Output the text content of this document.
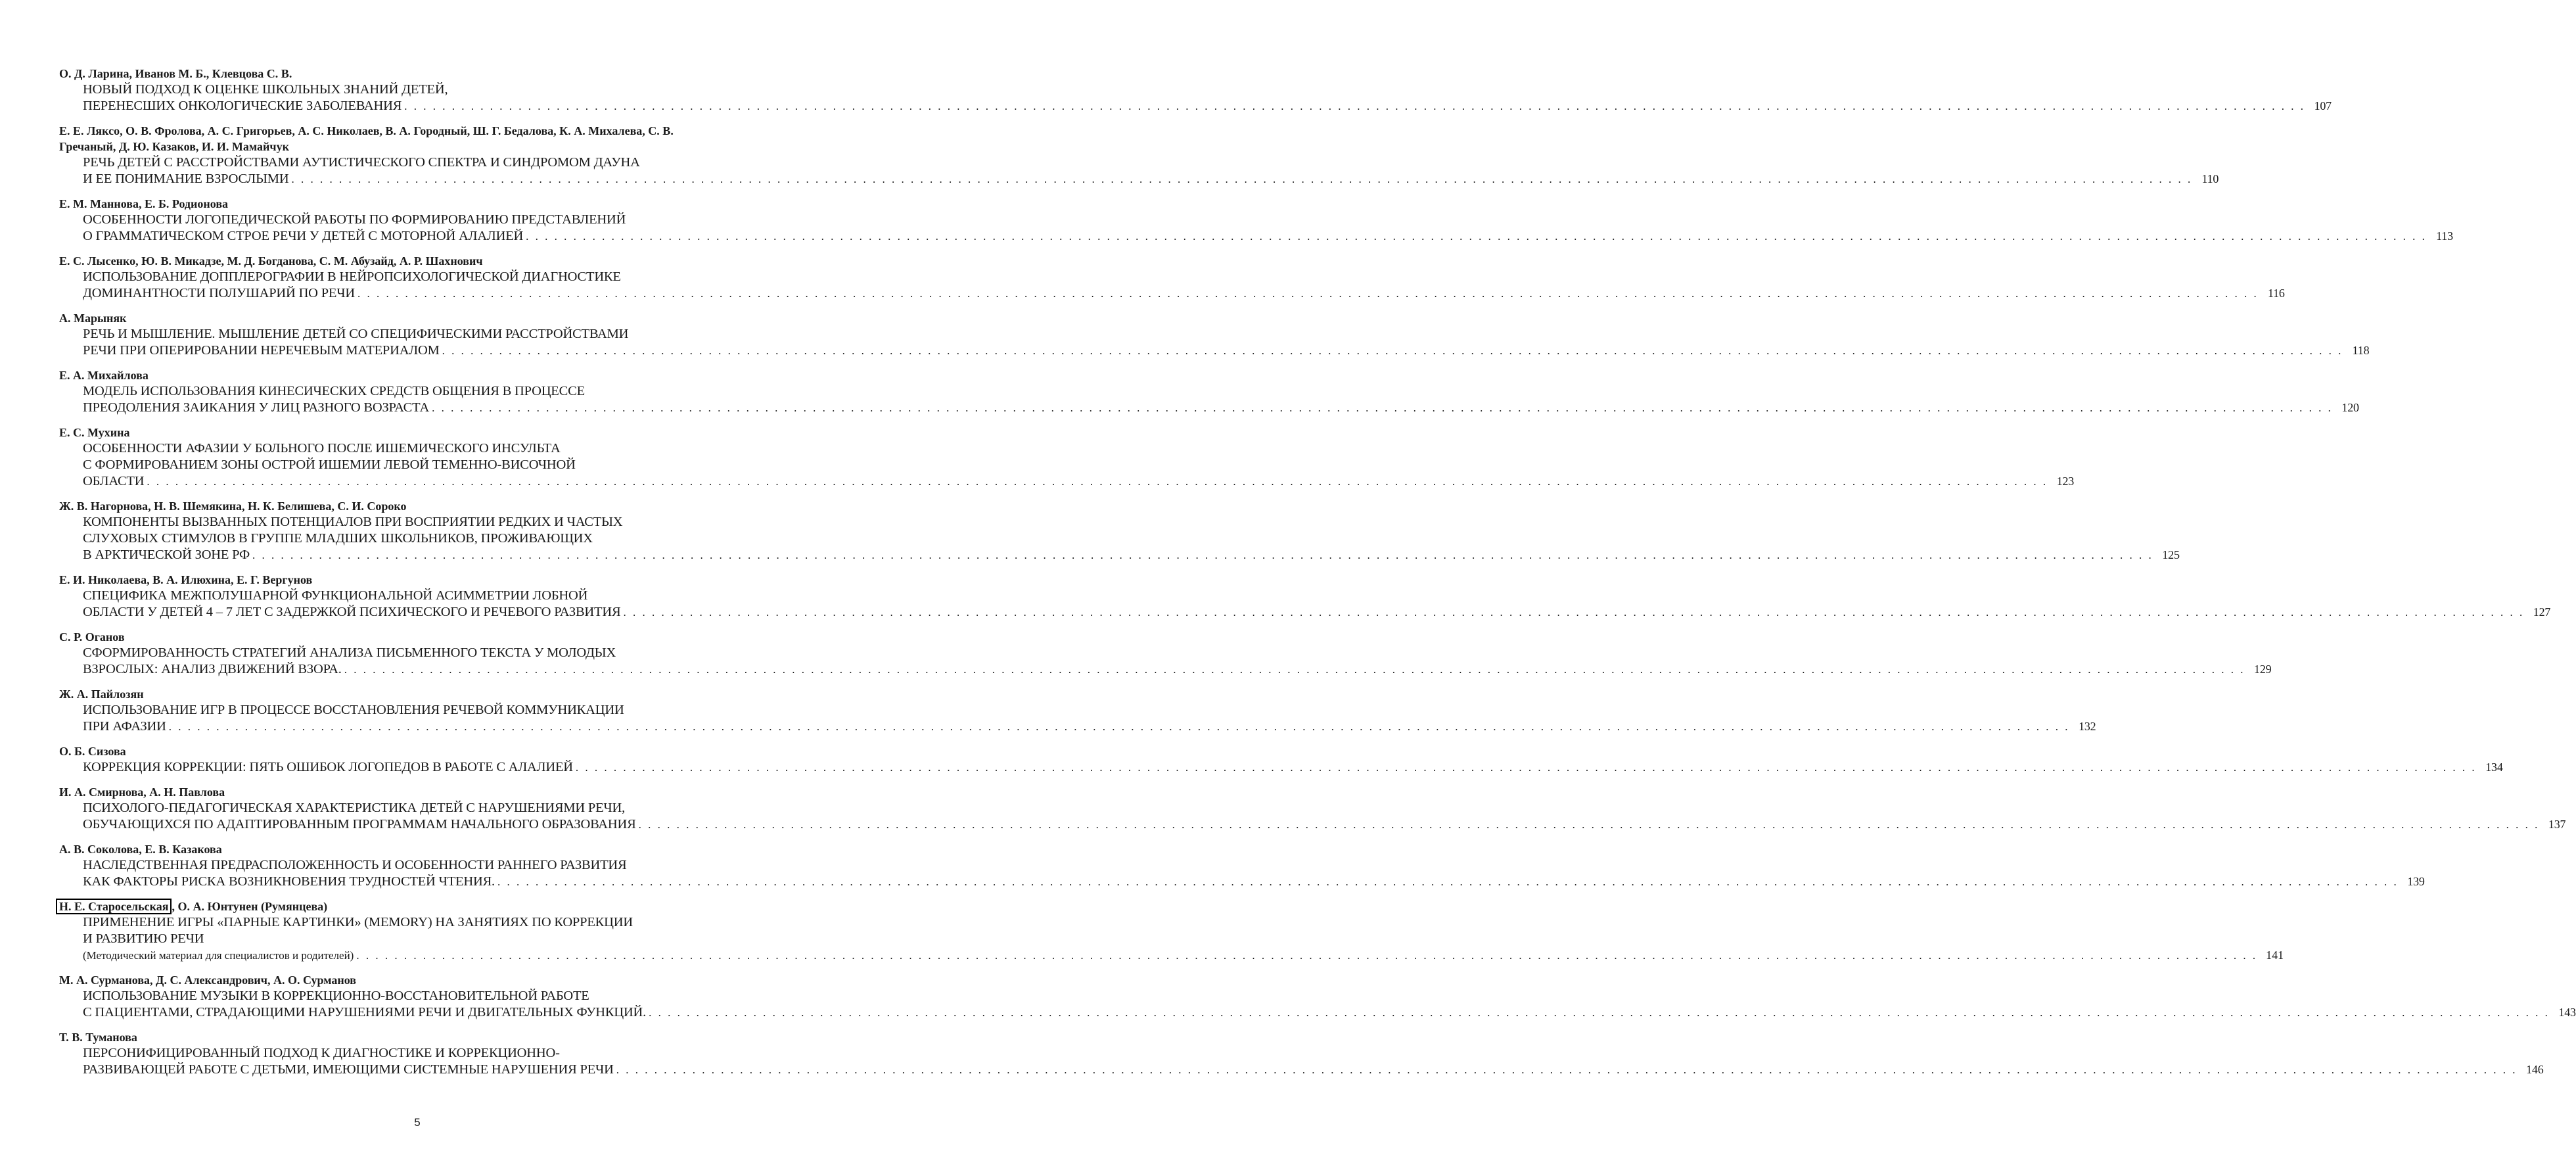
О. Д. Ларина, Иванов М. Б., Клевцова С. В.
НОВЫЙ ПОДХОД К ОЦЕНКЕ ШКОЛЬНЫХ ЗНАНИЙ ДЕТЕЙ,
ПЕРЕНЕСШИХ ОНКОЛОГИЧЕСКИЕ ЗАБОЛЕВАНИЯ . . . . . . . . . . . . . . . . . . . . . . . . . . . . . . . . . . . . . . . . . . . . . . . . . . . . . . . . . . . . . . . . . . . . . . . . . . . . . . . . . . . . . . . . . . . . . . . . . . . . . . . . . . . . . . . . . . . . . . . . . . . . . . . . . . . . . . . . . . . . . . . . . . . . . . . . . . . . . . . . . . . . . . . . . . . . . . . . . . . . . . . . . . . . . . . . . . . . . . . . 107
Е. Е. Ляксо, О. В. Фролова, А. С. Григорьев, А. С. Николаев, В. А. Городный, Ш. Г. Бедалова, К. А. Михалева, С. В. Гречаный, Д. Ю. Казаков, И. И. Мамайчук
РЕЧЬ ДЕТЕЙ С РАССТРОЙСТВАМИ АУТИСТИЧЕСКОГО СПЕКТРА И СИНДРОМОМ ДАУНА
И ЕЕ ПОНИМАНИЕ ВЗРОСЛЫМИ . . . . . . . . . . . . . . . . . . . . . . . . . . . . . . . . . . . . . . . . . . . . . . . . . . . . . . . . . . . . . . . . . . . . . . . . . . . . . . . . . . . . . . . . . . . . . . . . . . . . . . . . . . . . . . . . . . . . . . . . . . . . . . . . . . . . . . . . . . . . . . . . . . . . . . . . . . . . . . . . . . . . . . . . . . . . . . . . . . . . . . . . . . . . . . . . . . . . . . . . 110
Е. М. Маннова, Е. Б. Родионова
ОСОБЕННОСТИ ЛОГОПЕДИЧЕСКОЙ РАБОТЫ ПО ФОРМИРОВАНИЮ ПРЕДСТАВЛЕНИЙ
О ГРАММАТИЧЕСКОМ СТРОЕ РЕЧИ У ДЕТЕЙ С МОТОРНОЙ АЛАЛИЕЙ . . . . . . . . . . . . . . . . . . . . . . . . . . . . . . . . . . . . . . . . . . . . . . . . . . . . . . . . . . . . . . . . . . . . . . . . . . . . . . . . . . . . . . . . . . . . . . . . . . . . . . . . . . . . . . . . . . . . . . . . . . . . . . . . . . . . . . . . . . . . . . . . . . . . . . . . . . . . . . . . . . . . . . . . . . . . . . . . . . . . . . . . . . . . . . . . . . . . . . . . 113
Е. С. Лысенко, Ю. В. Микадзе, М. Д. Богданова, С. М. Абузайд, А. Р. Шахнович
ИСПОЛЬЗОВАНИЕ ДОППЛЕРОГРАФИИ В НЕЙРОПСИХОЛОГИЧЕСКОЙ ДИАГНОСТИКЕ
ДОМИНАНТНОСТИ ПОЛУШАРИЙ ПО РЕЧИ . . . . . . . . . . . . . . . . . . . . . . . . . . . . . . . . . . . . . . . . . . . . . . . . . . . . . . . . . . . . . . . . . . . . . . . . . . . . . . . . . . . . . . . . . . . . . . . . . . . . . . . . . . . . . . . . . . . . . . . . . . . . . . . . . . . . . . . . . . . . . . . . . . . . . . . . . . . . . . . . . . . . . . . . . . . . . . . . . . . . . . . . . . . . . . . . . . . . . . . . 116
А. Марыняк
РЕЧЬ И МЫШЛЕНИЕ. МЫШЛЕНИЕ ДЕТЕЙ СО СПЕЦИФИЧЕСКИМИ РАССТРОЙСТВАМИ
РЕЧИ ПРИ ОПЕРИРОВАНИИ НЕРЕЧЕВЫМ МАТЕРИАЛОМ . . . . . . . . . . . . . . . . . . . . . . . . . . . . . . . . . . . . . . . . . . . . . . . . . . . . . . . . . . . . . . . . . . . . . . . . . . . . . . . . . . . . . . . . . . . . . . . . . . . . . . . . . . . . . . . . . . . . . . . . . . . . . . . . . . . . . . . . . . . . . . . . . . . . . . . . . . . . . . . . . . . . . . . . . . . . . . . . . . . . . . . . . . . . . . . . . . . . . . . . 118
Е. А. Михайлова
МОДЕЛЬ ИСПОЛЬЗОВАНИЯ КИНЕСИЧЕСКИХ СРЕДСТВ ОБЩЕНИЯ В ПРОЦЕССЕ
ПРЕОДОЛЕНИЯ ЗАИКАНИЯ У ЛИЦ РАЗНОГО ВОЗРАСТА . . . . . . . . . . . . . . . . . . . . . . . . . . . . . . . . . . . . . . . . . . . . . . . . . . . . . . . . . . . . . . . . . . . . . . . . . . . . . . . . . . . . . . . . . . . . . . . . . . . . . . . . . . . . . . . . . . . . . . . . . . . . . . . . . . . . . . . . . . . . . . . . . . . . . . . . . . . . . . . . . . . . . . . . . . . . . . . . . . . . . . . . . . . . . . . . . . . . . . . . 120
Е. С. Мухина
ОСОБЕННОСТИ АФАЗИИ У БОЛЬНОГО ПОСЛЕ ИШЕМИЧЕСКОГО ИНСУЛЬТА
С ФОРМИРОВАНИЕМ ЗОНЫ ОСТРОЙ ИШЕМИИ ЛЕВОЙ ТЕМЕННО-ВИСОЧНОЙ
ОБЛАСТИ . . . . . . . . . . . . . . . . . . . . . . . . . . . . . . . . . . . . . . . . . . . . . . . . . . . . . . . . . . . . . . . . . . . . . . . . . . . . . . . . . . . . . . . . . . . . . . . . . . . . . . . . . . . . . . . . . . . . . . . . . . . . . . . . . . . . . . . . . . . . . . . . . . . . . . . . . . . . . . . . . . . . . . . . . . . . . . . . . . . . . . . . . . . . . . . . . . . . . . . . 123
Ж. В. Нагорнова, Н. В. Шемякина, Н. К. Белишева, С. И. Сороко
КОМПОНЕНТЫ ВЫЗВАННЫХ ПОТЕНЦИАЛОВ ПРИ ВОСПРИЯТИИ РЕДКИХ И ЧАСТЫХ
СЛУХОВЫХ СТИМУЛОВ В ГРУППЕ МЛАДШИХ ШКОЛЬНИКОВ, ПРОЖИВАЮЩИХ
В АРКТИЧЕСКОЙ ЗОНЕ РФ . . . . . . . . . . . . . . . . . . . . . . . . . . . . . . . . . . . . . . . . . . . . . . . . . . . . . . . . . . . . . . . . . . . . . . . . . . . . . . . . . . . . . . . . . . . . . . . . . . . . . . . . . . . . . . . . . . . . . . . . . . . . . . . . . . . . . . . . . . . . . . . . . . . . . . . . . . . . . . . . . . . . . . . . . . . . . . . . . . . . . . . . . . . . . . . . . . . . . . . . 125
Е. И. Николаева, В. А. Илюхина, Е. Г. Вергунов
СПЕЦИФИКА МЕЖПОЛУШАРНОЙ ФУНКЦИОНАЛЬНОЙ АСИММЕТРИИ ЛОБНОЙ
ОБЛАСТИ У ДЕТЕЙ 4 – 7 ЛЕТ С ЗАДЕРЖКОЙ ПСИХИЧЕСКОГО И РЕЧЕВОГО РАЗВИТИЯ . . . . . . . . . . . . . . . . . . . . . . . . . . . . . . . . . . . . . . . . . . . . . . . . . . . . . . . . . . . . . . . . . . . . . . . . . . . . . . . . . . . . . . . . . . . . . . . . . . . . . . . . . . . . . . . . . . . . . . . . . . . . . . . . . . . . . . . . . . . . . . . . . . . . . . . . . . . . . . . . . . . . . . . . . . . . . . . . . . . . . . . . . . . . . . . . . . . . . . . . 127
С. Р. Оганов
СФОРМИРОВАННОСТЬ СТРАТЕГИЙ АНАЛИЗА ПИСЬМЕННОГО ТЕКСТА У МОЛОДЫХ
ВЗРОСЛЫХ: АНАЛИЗ ДВИЖЕНИЙ ВЗОРА. . . . . . . . . . . . . . . . . . . . . . . . . . . . . . . . . . . . . . . . . . . . . . . . . . . . . . . . . . . . . . . . . . . . . . . . . . . . . . . . . . . . . . . . . . . . . . . . . . . . . . . . . . . . . . . . . . . . . . . . . . . . . . . . . . . . . . . . . . . . . . . . . . . . . . . . . . . . . . . . . . . . . . . . . . . . . . . . . . . . . . . . . . . . . . . . . . . . . . . . . 129
Ж. А. Пайлозян
ИСПОЛЬЗОВАНИЕ ИГР В ПРОЦЕССЕ ВОССТАНОВЛЕНИЯ РЕЧЕВОЙ КОММУНИКАЦИИ
ПРИ АФАЗИИ . . . . . . . . . . . . . . . . . . . . . . . . . . . . . . . . . . . . . . . . . . . . . . . . . . . . . . . . . . . . . . . . . . . . . . . . . . . . . . . . . . . . . . . . . . . . . . . . . . . . . . . . . . . . . . . . . . . . . . . . . . . . . . . . . . . . . . . . . . . . . . . . . . . . . . . . . . . . . . . . . . . . . . . . . . . . . . . . . . . . . . . . . . . . . . . . . . . . . . . . 132
О. Б. Сизова
КОРРЕКЦИЯ КОРРЕКЦИИ: ПЯТЬ ОШИБОК ЛОГОПЕДОВ В РАБОТЕ С АЛАЛИЕЙ . . . . . . . . . . . . . . . . . . . . . . . . . . . . . . . . . . . . . . . . . . . . . . . . . . . . . . . . . . . . . . . . . . . . . . . . . . . . . . . . . . . . . . . . . . . . . . . . . . . . . . . . . . . . . . . . . . . . . . . . . . . . . . . . . . . . . . . . . . . . . . . . . . . . . . . . . . . . . . . . . . . . . . . . . . . . . . . . . . . . . . . . . . . . . . . . . . . . . . . . 134
И. А. Смирнова, А. Н. Павлова
ПСИХОЛОГО-ПЕДАГОГИЧЕСКАЯ ХАРАКТЕРИСТИКА ДЕТЕЙ С НАРУШЕНИЯМИ РЕЧИ,
ОБУЧАЮЩИХСЯ ПО АДАПТИРОВАННЫМ ПРОГРАММАМ НАЧАЛЬНОГО ОБРАЗОВАНИЯ . . . . . . . . . . . . . . . . . . . . . . . . . . . . . . . . . . . . . . . . . . . . . . . . . . . . . . . . . . . . . . . . . . . . . . . . . . . . . . . . . . . . . . . . . . . . . . . . . . . . . . . . . . . . . . . . . . . . . . . . . . . . . . . . . . . . . . . . . . . . . . . . . . . . . . . . . . . . . . . . . . . . . . . . . . . . . . . . . . . . . . . . . . . . . . . . . . . . . . . . 137
А. В. Соколова, Е. В. Казакова
НАСЛЕДСТВЕННАЯ ПРЕДРАСПОЛОЖЕННОСТЬ И ОСОБЕННОСТИ РАННЕГО РАЗВИТИЯ
КАК ФАКТОРЫ РИСКА ВОЗНИКНОВЕНИЯ ТРУДНОСТЕЙ ЧТЕНИЯ. . . . . . . . . . . . . . . . . . . . . . . . . . . . . . . . . . . . . . . . . . . . . . . . . . . . . . . . . . . . . . . . . . . . . . . . . . . . . . . . . . . . . . . . . . . . . . . . . . . . . . . . . . . . . . . . . . . . . . . . . . . . . . . . . . . . . . . . . . . . . . . . . . . . . . . . . . . . . . . . . . . . . . . . . . . . . . . . . . . . . . . . . . . . . . . . . . . . . . . . . 139
Н. Е. Старосельская , О. А. Юнтунен (Румянцева)
ПРИМЕНЕНИЕ ИГРЫ «ПАРНЫЕ КАРТИНКИ» (MEMORY) НА ЗАНЯТИЯХ ПО КОРРЕКЦИИ
И РАЗВИТИЮ РЕЧИ
(Методический материал для специалистов и родителей) . . . . . . . . . . . . . . . . . . . . . . . . . . . . . . . . . . . . . . . . . . . . . . . . . . . . . . . . . . . . . . . . . . . . . . . . . . . . . . . . . . . . . . . . . . . . . . . . . . . . . . . . . . . . . . . . . . . . . . . . . . . . . . . . . . . . . . . . . . . . . . . . . . . . . . . . . . . . . . . . . . . . . . . . . . . . . . . . . . . . . . . . . . . . . . . . . . . . . . . . 141
М. А. Сурманова, Д. С. Александрович, А. О. Сурманов
ИСПОЛЬЗОВАНИЕ МУЗЫКИ В КОРРЕКЦИОННО-ВОССТАНОВИТЕЛЬНОЙ РАБОТЕ
С ПАЦИЕНТАМИ, СТРАДАЮЩИМИ НАРУШЕНИЯМИ РЕЧИ И ДВИГАТЕЛЬНЫХ ФУНКЦИЙ. . . . . . . . . . . . . . . . . . . . . . . . . . . . . . . . . . . . . . . . . . . . . . . . . . . . . . . . . . . . . . . . . . . . . . . . . . . . . . . . . . . . . . . . . . . . . . . . . . . . . . . . . . . . . . . . . . . . . . . . . . . . . . . . . . . . . . . . . . . . . . . . . . . . . . . . . . . . . . . . . . . . . . . . . . . . . . . . . . . . . . . . . . . . . . . . . . . . . . . . . 143
Т. В. Туманова
ПЕРСОНИФИЦИРОВАННЫЙ ПОДХОД К ДИАГНОСТИКЕ И КОРРЕКЦИОННО-
РАЗВИВАЮЩЕЙ РАБОТЕ С ДЕТЬМИ, ИМЕЮЩИМИ СИСТЕМНЫЕ НАРУШЕНИЯ РЕЧИ . . . . . . . . . . . . . . . . . . . . . . . . . . . . . . . . . . . . . . . . . . . . . . . . . . . . . . . . . . . . . . . . . . . . . . . . . . . . . . . . . . . . . . . . . . . . . . . . . . . . . . . . . . . . . . . . . . . . . . . . . . . . . . . . . . . . . . . . . . . . . . . . . . . . . . . . . . . . . . . . . . . . . . . . . . . . . . . . . . . . . . . . . . . . . . . . . . . . . . . . 146
5
